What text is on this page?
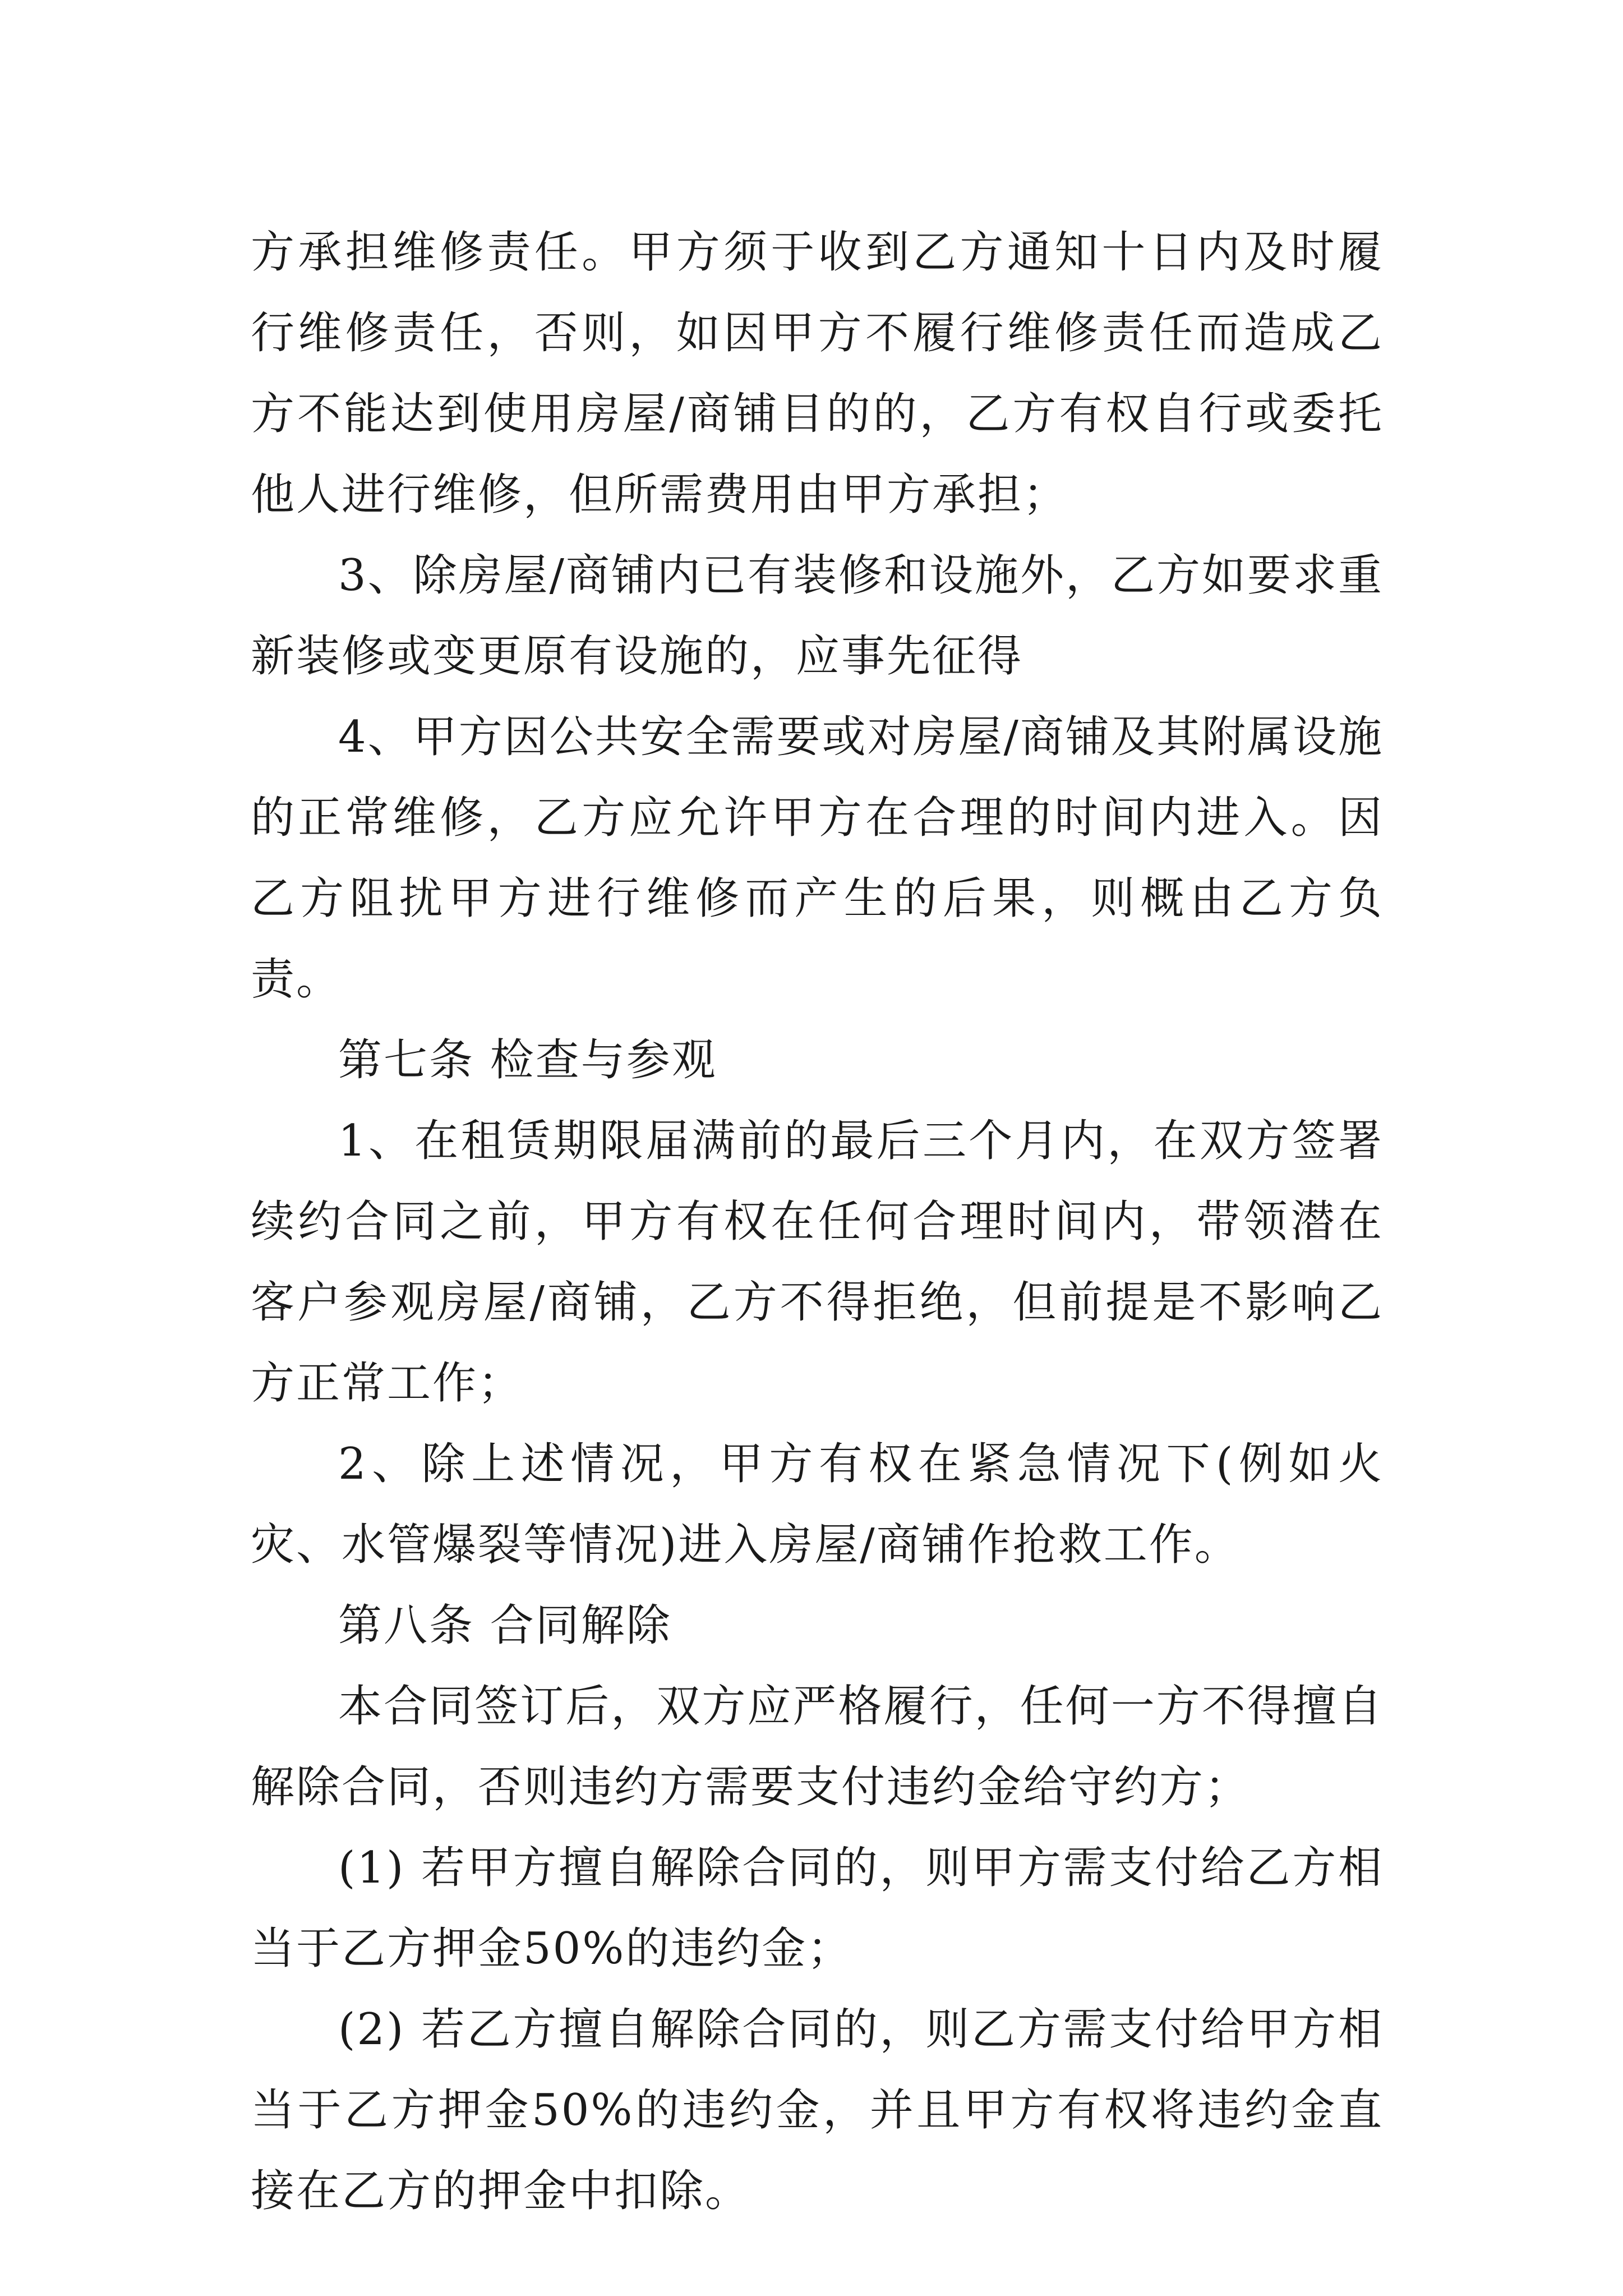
方承担维修责任。甲方须于收到乙方通知十日内及时履行维修责任，否则，如因甲方不履行维修责任而造成乙方不能达到使用房屋/商铺目的的，乙方有权自行或委托他人进行维修，但所需费用由甲方承担；

3、除房屋/商铺内已有装修和设施外，乙方如要求重新装修或变更原有设施的，应事先征得

4、甲方因公共安全需要或对房屋/商铺及其附属设施的正常维修，乙方应允许甲方在合理的时间内进入。因乙方阻扰甲方进行维修而产生的后果，则概由乙方负责。

第七条 检查与参观

1、在租赁期限届满前的最后三个月内，在双方签署续约合同之前，甲方有权在任何合理时间内，带领潜在客户参观房屋/商铺，乙方不得拒绝，但前提是不影响乙方正常工作；

2、除上述情况，甲方有权在紧急情况下(例如火灾、水管爆裂等情况)进入房屋/商铺作抢救工作。

第八条 合同解除

本合同签订后，双方应严格履行，任何一方不得擅自解除合同，否则违约方需要支付违约金给守约方；

(1) 若甲方擅自解除合同的，则甲方需支付给乙方相当于乙方押金50%的违约金；

(2) 若乙方擅自解除合同的，则乙方需支付给甲方相当于乙方押金50%的违约金，并且甲方有权将违约金直接在乙方的押金中扣除。
